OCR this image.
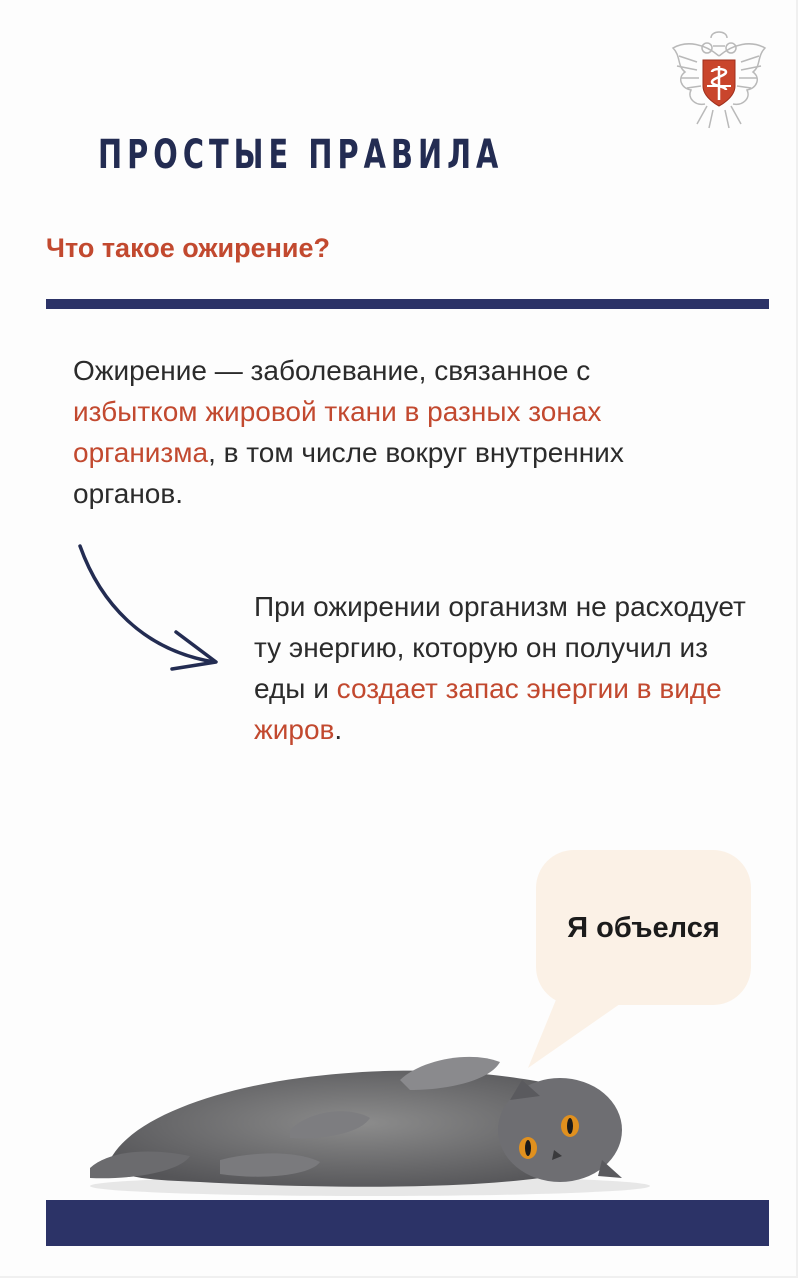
ПРОСТЫЕ ПРАВИЛА
Что такое ожирение?

Ожирение — заболевание, связанное с избытком жировой ткани в разных зонах организма, в том числе вокруг внутренних органов.

При ожирении организм не расходует ту энергию, которую он получил из еды и создает запас энергии в виде жиров.

Я объелся
